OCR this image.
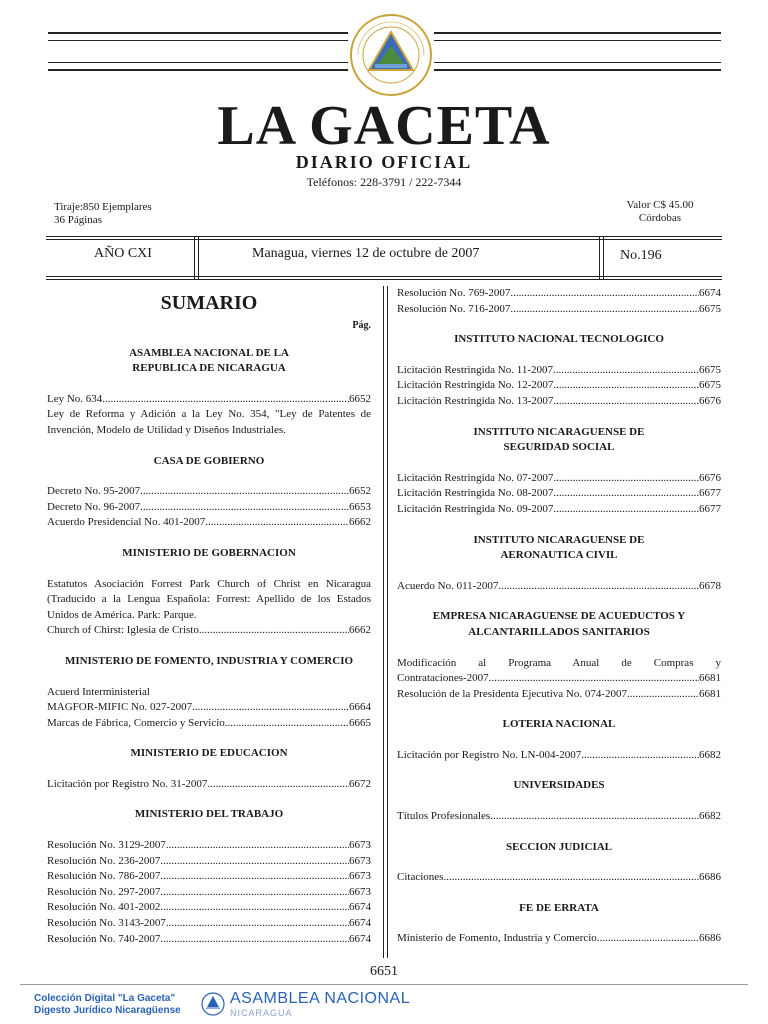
LA GACETA
DIARIO OFICIAL
Teléfonos: 228-3791 / 222-7344
Tiraje:850 Ejemplares
36 Páginas
Valor C$ 45.00
Córdobas
AÑO CXI	Managua, viernes 12 de octubre de 2007	No.196
SUMARIO
Pág.
ASAMBLEA NACIONAL DE LA
REPUBLICA DE NICARAGUA
Ley No. 634 .....	6652
Ley de Reforma y Adición a la Ley No. 354, "Ley de Patentes de Invención, Modelo de Utilidad y Diseños Industriales.
CASA DE GOBIERNO
Decreto No. 95-2007 .....	6652
Decreto No. 96-2007 .....	6653
Acuerdo Presidencial No. 401-2007 .....	6662
MINISTERIO DE GOBERNACION
Estatutos Asociación Forrest Park Church of Christ en Nicaragua (Traducido a la Lengua Española: Forrest: Apellido de los Estados Unidos de América. Park: Parque.
Church of Chirst: Iglesia de Cristo .....	6662
MINISTERIO DE FOMENTO, INDUSTRIA Y COMERCIO
Acuerd Interministerial
MAGFOR-MIFIC No. 027-2007 .....	6664
Marcas de Fábrica, Comercio y Servicio .....	6665
MINISTERIO DE EDUCACION
Licitación por Registro No. 31-2007 .....	6672
MINISTERIO DEL TRABAJO
Resolución No. 3129-2007 .....	6673
Resolución No. 236-2007 .....	6673
Resolución No. 786-2007 .....	6673
Resolución No. 297-2007 .....	6673
Resolución No. 401-2002 .....	6674
Resolución No. 3143-2007 .....	6674
Resolución No. 740-2007 .....	6674
Resolución No. 769-2007 .....	6674
Resolución No. 716-2007 .....	6675
INSTITUTO NACIONAL TECNOLOGICO
Licitación Restringida No. 11-2007 .....	6675
Licitación Restringida No. 12-2007 .....	6675
Licitación Restringida No. 13-2007 .....	6676
INSTITUTO NICARAGUENSE DE
SEGURIDAD SOCIAL
Licitación Restringida No. 07-2007 .....	6676
Licitación Restringida No. 08-2007 .....	6677
Licitación Restringida No. 09-2007 .....	6677
INSTITUTO NICARAGUENSE DE
AERONAUTICA CIVIL
Acuerdo No. 011-2007 .....	6678
EMPRESA NICARAGUENSE DE ACUEDUCTOS Y
ALCANTARILLADOS SANITARIOS
Modificación al Programa Anual de Compras y
Contrataciones-2007 .....	6681
Resolución de la Presidenta Ejecutiva No. 074-2007 .....	6681
LOTERIA NACIONAL
Licitación por Registro No. LN-004-2007 .....	6682
UNIVERSIDADES
Títulos Profesionales .....	6682
SECCION JUDICIAL
Citaciones .....	6686
FE DE ERRATA
Ministerio de Fomento, Industria y Comercio .....	6686
6651
Colección Digital "La Gaceta"
Digesto Jurídico Nicaragüense
ASAMBLEA NACIONAL
NICARAGUA
